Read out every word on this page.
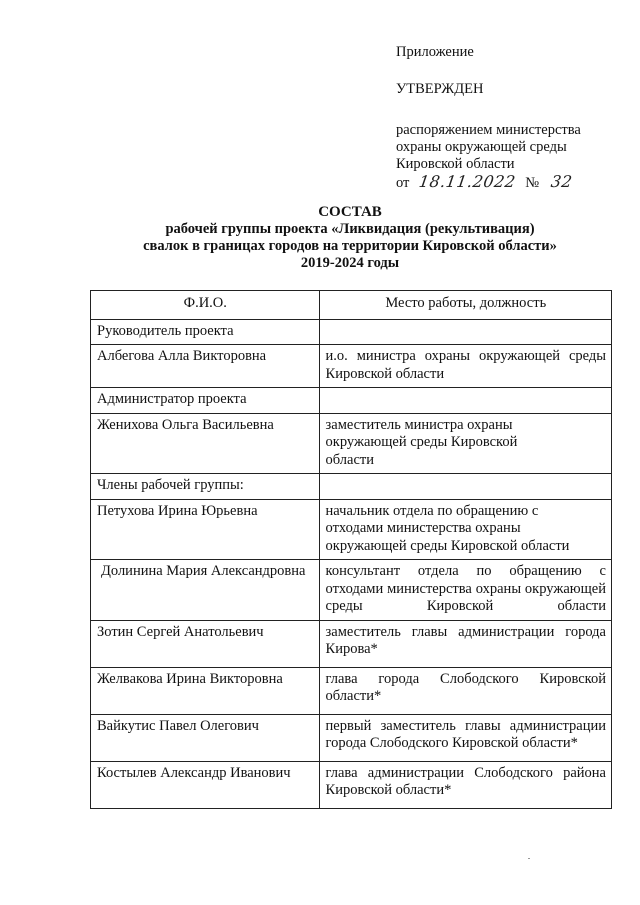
Приложение
УТВЕРЖДЕН
распоряжением министерства
охраны окружающей среды
Кировской области
от 18.11.2022 № 32
СОСТАВ
рабочей группы проекта «Ликвидация (рекультивация)
свалок в границах городов на территории Кировской области»
2019-2024 годы
Ф.И.О.	Место работы, должность
Руководитель проекта	
Албегова Алла Викторовна	и.о. министра охраны окружающей среды Кировской области
Администратор проекта	
Женихова Ольга Васильевна	заместитель министра охраны окружающей среды Кировской области
Члены рабочей группы:	
Петухова Ирина Юрьевна	начальник отдела по обращению с отходами министерства охраны окружающей среды Кировской области
Долинина Мария Александровна	консультант отдела по обращению с отходами министерства охраны окружающей среды Кировской области
Зотин Сергей Анатольевич	заместитель главы администрации города Кирова*
Желвакова Ирина Викторовна	глава города Слободского Кировской области*
Вайкутис Павел Олегович	первый заместитель главы администрации города Слободского Кировской области*
Костылев Александр Иванович	глава администрации Слободского района Кировской области*
